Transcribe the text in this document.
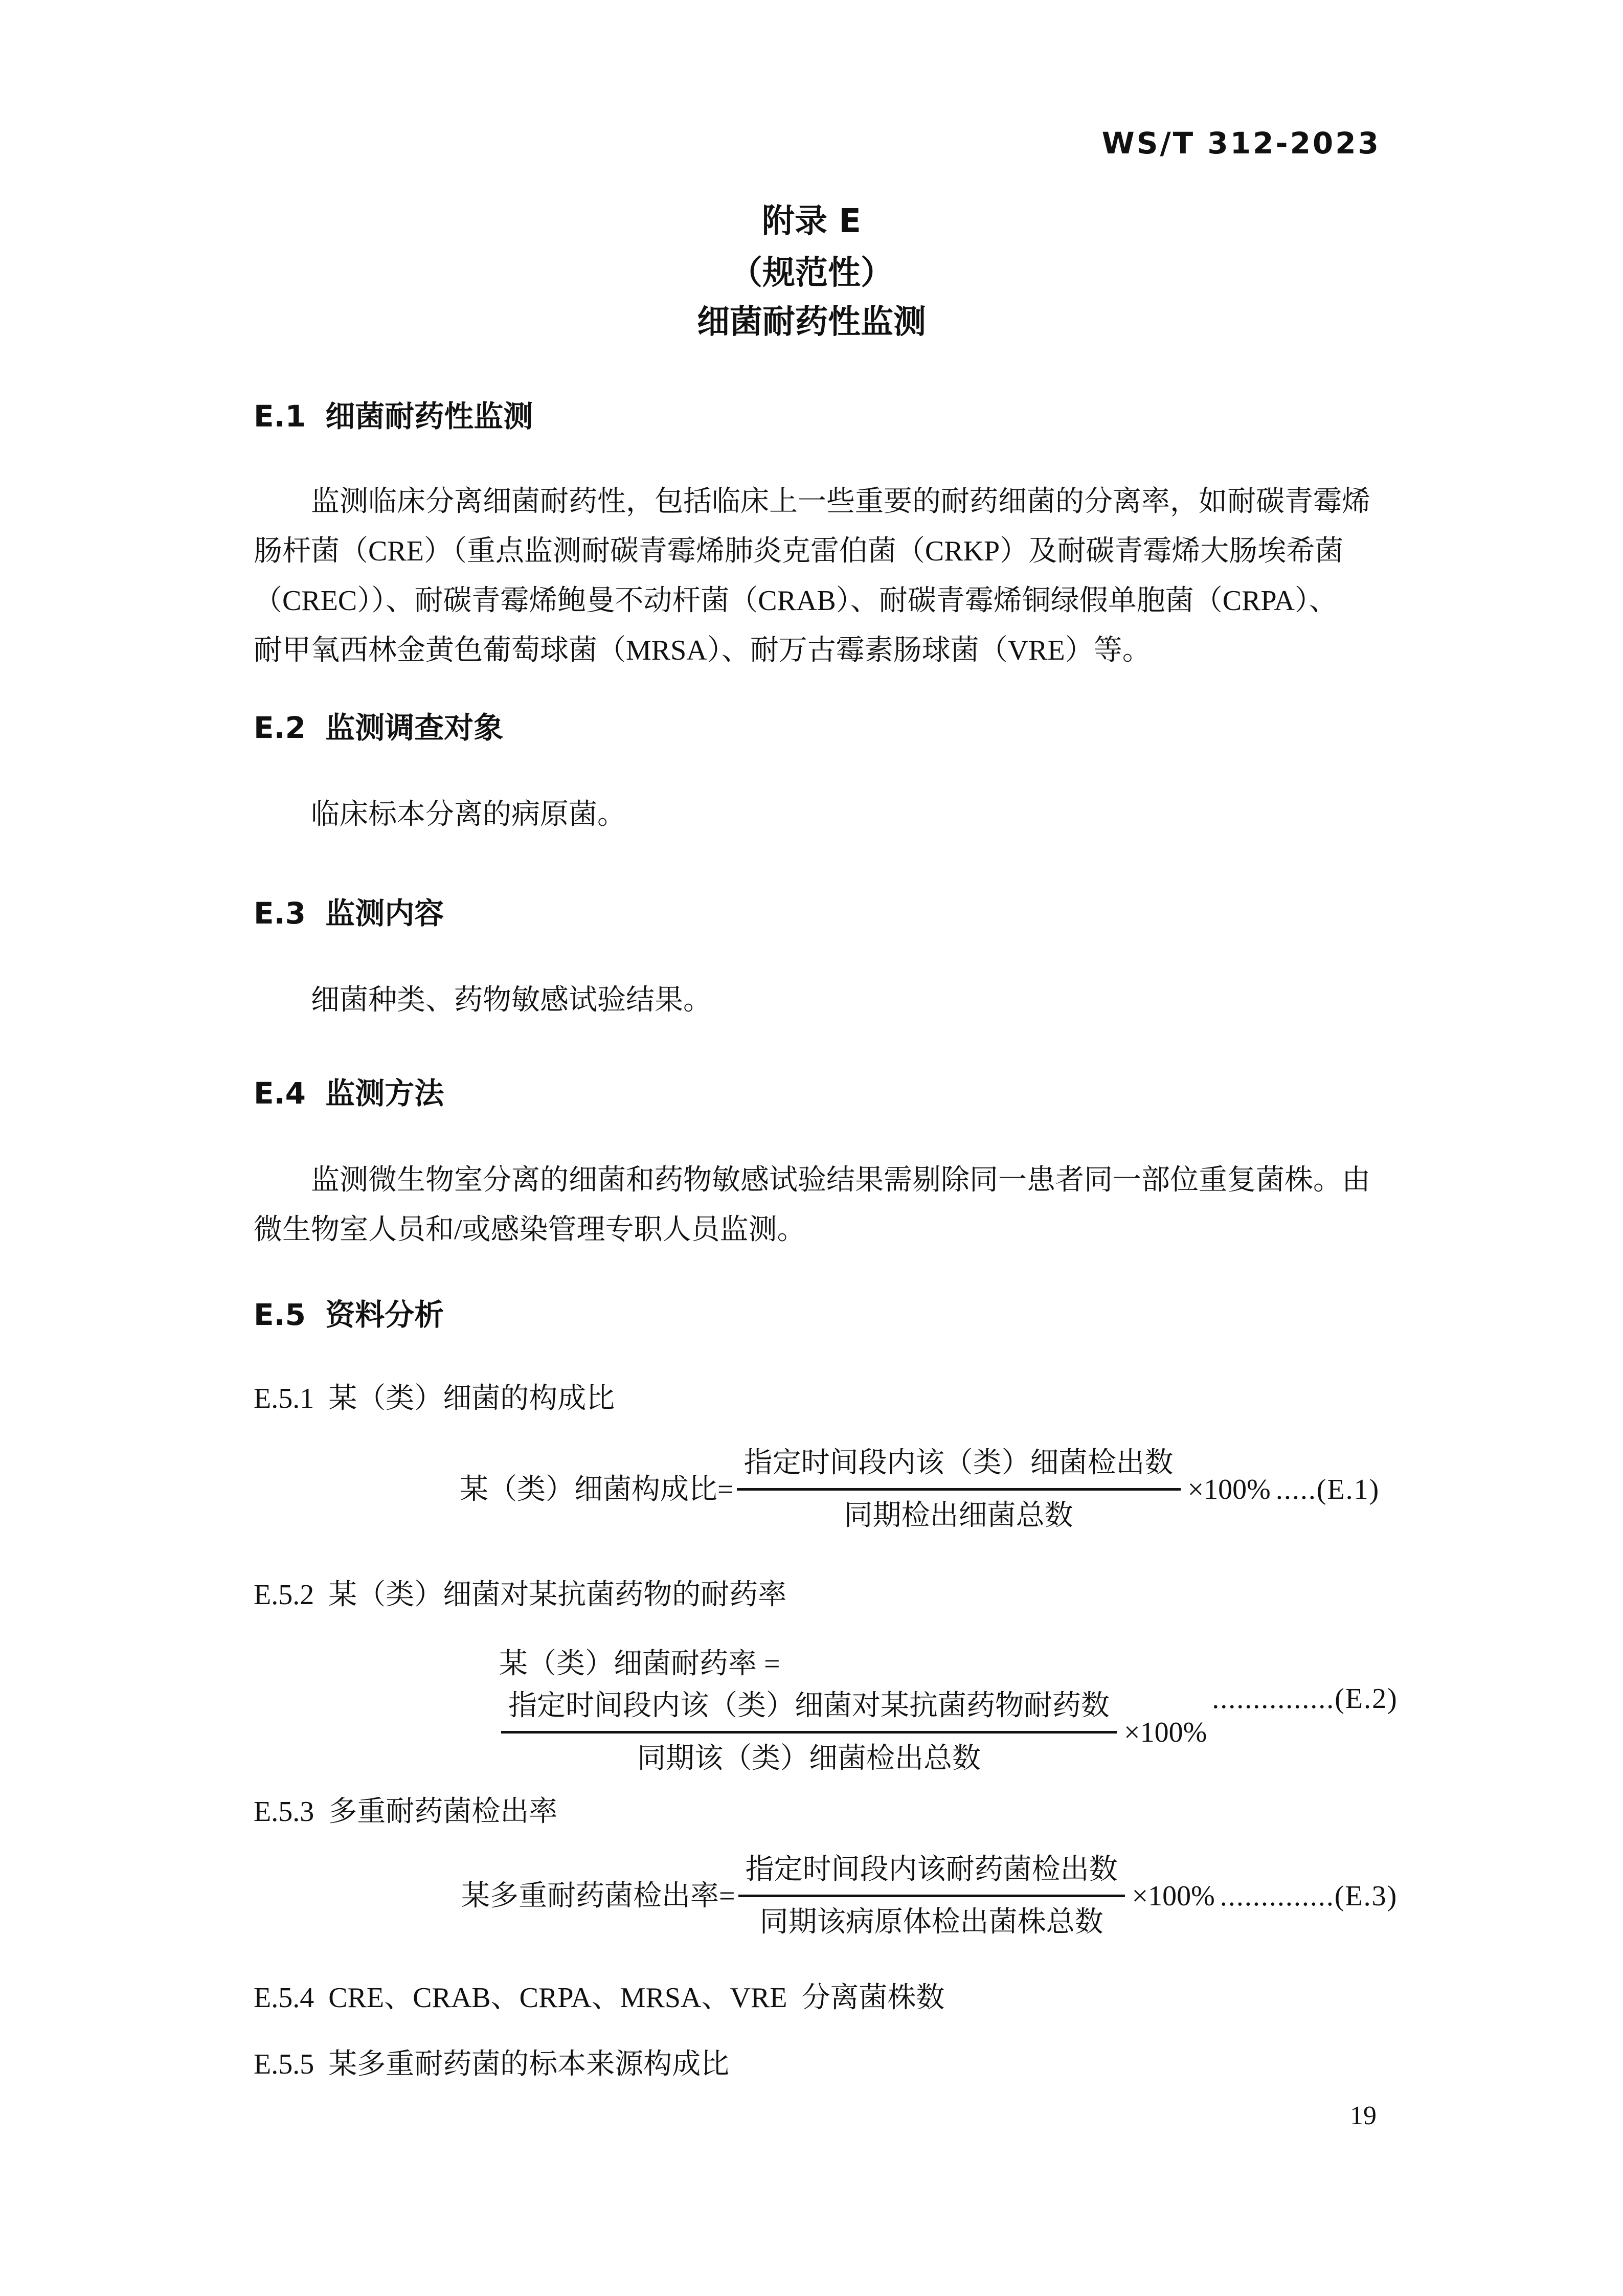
WS/T 312-2023
附录 E
（规范性）
细菌耐药性监测
E.1 细菌耐药性监测
监测临床分离细菌耐药性，包括临床上一些重要的耐药细菌的分离率，如耐碳青霉烯
肠杆菌（CRE）（重点监测耐碳青霉烯肺炎克雷伯菌（CRKP）及耐碳青霉烯大肠埃希菌
（CREC））、耐碳青霉烯鲍曼不动杆菌（CRAB）、耐碳青霉烯铜绿假单胞菌（CRPA）、
耐甲氧西林金黄色葡萄球菌（MRSA）、耐万古霉素肠球菌（VRE）等。
E.2 监测调查对象
临床标本分离的病原菌。
E.3 监测内容
细菌种类、药物敏感试验结果。
E.4 监测方法
监测微生物室分离的细菌和药物敏感试验结果需剔除同一患者同一部位重复菌株。由
微生物室人员和/或感染管理专职人员监测。
E.5 资料分析
E.5.1 某（类）细菌的构成比
某（类）细菌构成比= $\frac{\text{指定时间段内该（类）细菌检出数}}{\text{同期检出细菌总数}} \times 100\%$ .....(E.1)
E.5.2 某（类）细菌对某抗菌药物的耐药率
某（类）细菌耐药率 =
$\frac{\text{指定时间段内该（类）细菌对某抗菌药物耐药数}}{\text{同期该（类）细菌检出总数}} \times 100\%$
...............(E.2)
E.5.3 多重耐药菌检出率
某多重耐药菌检出率= $\frac{\text{指定时间段内该耐药菌检出数}}{\text{同期该病原体检出菌株总数}} \times 100\%$ ..............(E.3)
E.5.4 CRE、CRAB、CRPA、MRSA、VRE 分离菌株数
E.5.5 某多重耐药菌的标本来源构成比
19
